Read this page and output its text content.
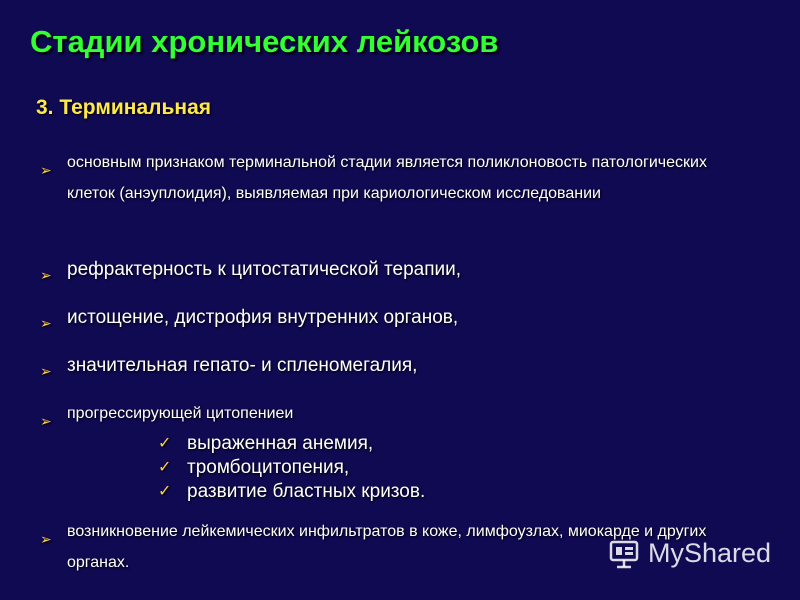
Стадии хронических лейкозов
3. Терминальная
➢ основным признаком терминальной стадии является поликлоновость патологических клеток (анэуплоидия), выявляемая при кариологическом исследовании
➢ рефрактерность к цитостатической терапии,
➢ истощение, дистрофия внутренних органов,
➢ значительная гепато- и спленомегалия,
➢ прогрессирующей цитопениеи
✓ выраженная анемия,
✓ тромбоцитопения,
✓ развитие бластных кризов.
➢ возникновение лейкемических инфильтратов в коже, лимфоузлах, миокарде и других органах.	MyShared
